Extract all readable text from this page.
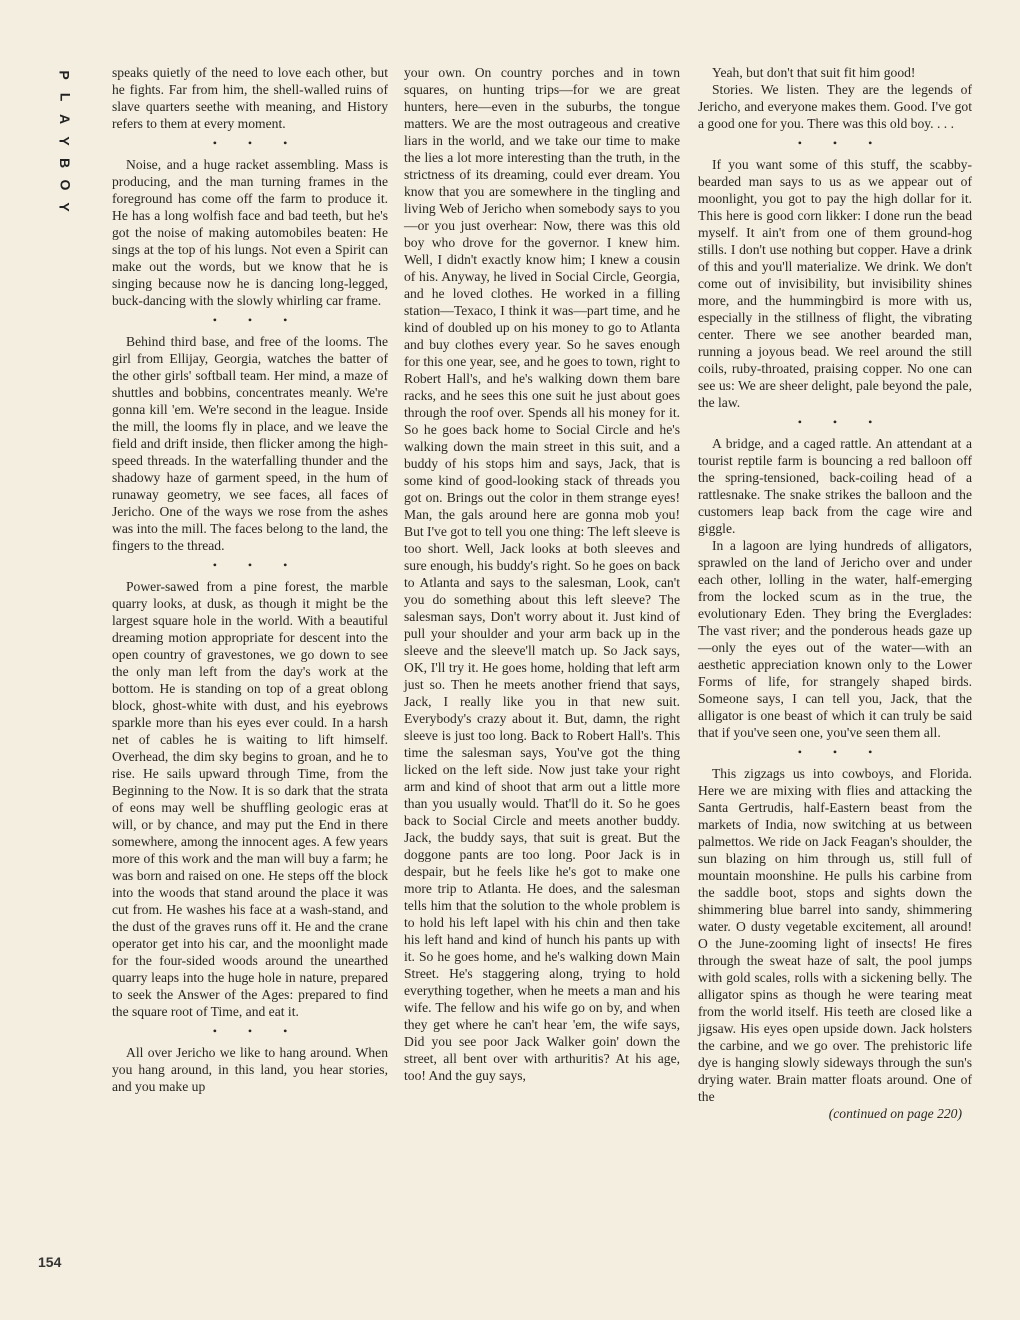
P
L
A
Y
B
O
Y
154

speaks quietly of the need to love each other, but he fights. Far from him, the shell-walled ruins of slave quarters seethe with meaning, and History refers to them at every moment.

• • •

Noise, and a huge racket assembling. Mass is producing, and the man turning frames in the foreground has come off the farm to produce it. He has a long wolfish face and bad teeth, but he's got the noise of making automobiles beaten: He sings at the top of his lungs. Not even a Spirit can make out the words, but we know that he is singing because now he is dancing long-legged, buck-dancing with the slowly whirling car frame.

• • •

Behind third base, and free of the looms. The girl from Ellijay, Georgia, watches the batter of the other girls' softball team. Her mind, a maze of shuttles and bobbins, concentrates meanly. We're gonna kill 'em. We're second in the league. Inside the mill, the looms fly in place, and we leave the field and drift inside, then flicker among the high-speed threads. In the waterfalling thunder and the shadowy haze of garment speed, in the hum of runaway geometry, we see faces, all faces of Jericho. One of the ways we rose from the ashes was into the mill. The faces belong to the land, the fingers to the thread.

• • •

Power-sawed from a pine forest, the marble quarry looks, at dusk, as though it might be the largest square hole in the world. With a beautiful dreaming motion appropriate for descent into the open country of gravestones, we go down to see the only man left from the day's work at the bottom. He is standing on top of a great oblong block, ghost-white with dust, and his eyebrows sparkle more than his eyes ever could. In a harsh net of cables he is waiting to lift himself. Overhead, the dim sky begins to groan, and he to rise. He sails upward through Time, from the Beginning to the Now. It is so dark that the strata of eons may well be shuffling geologic eras at will, or by chance, and may put the End in there somewhere, among the innocent ages. A few years more of this work and the man will buy a farm; he was born and raised on one. He steps off the block into the woods that stand around the place it was cut from. He washes his face at a wash-stand, and the dust of the graves runs off it. He and the crane operator get into his car, and the moonlight made for the four-sided woods around the unearthed quarry leaps into the huge hole in nature, prepared to seek the Answer of the Ages: prepared to find the square root of Time, and eat it.

• • •

All over Jericho we like to hang around. When you hang around, in this land, you hear stories, and you make up

your own. On country porches and in town squares, on hunting trips—for we are great hunters, here—even in the suburbs, the tongue matters. We are the most outrageous and creative liars in the world, and we take our time to make the lies a lot more interesting than the truth, in the strictness of its dreaming, could ever dream. You know that you are somewhere in the tingling and living Web of Jericho when somebody says to you—or you just overhear: Now, there was this old boy who drove for the governor. I knew him. Well, I didn't exactly know him; I knew a cousin of his. Anyway, he lived in Social Circle, Georgia, and he loved clothes. He worked in a filling station—Texaco, I think it was—part time, and he kind of doubled up on his money to go to Atlanta and buy clothes every year. So he saves enough for this one year, see, and he goes to town, right to Robert Hall's, and he's walking down them bare racks, and he sees this one suit he just about goes through the roof over. Spends all his money for it. So he goes back home to Social Circle and he's walking down the main street in this suit, and a buddy of his stops him and says, Jack, that is some kind of good-looking stack of threads you got on. Brings out the color in them strange eyes! Man, the gals around here are gonna mob you! But I've got to tell you one thing: The left sleeve is too short. Well, Jack looks at both sleeves and sure enough, his buddy's right. So he goes on back to Atlanta and says to the salesman, Look, can't you do something about this left sleeve? The salesman says, Don't worry about it. Just kind of pull your shoulder and your arm back up in the sleeve and the sleeve'll match up. So Jack says, OK, I'll try it. He goes home, holding that left arm just so. Then he meets another friend that says, Jack, I really like you in that new suit. Everybody's crazy about it. But, damn, the right sleeve is just too long. Back to Robert Hall's. This time the salesman says, You've got the thing licked on the left side. Now just take your right arm and kind of shoot that arm out a little more than you usually would. That'll do it. So he goes back to Social Circle and meets another buddy. Jack, the buddy says, that suit is great. But the doggone pants are too long. Poor Jack is in despair, but he feels like he's got to make one more trip to Atlanta. He does, and the salesman tells him that the solution to the whole problem is to hold his left lapel with his chin and then take his left hand and kind of hunch his pants up with it. So he goes home, and he's walking down Main Street. He's staggering along, trying to hold everything together, when he meets a man and his wife. The fellow and his wife go on by, and when they get where he can't hear 'em, the wife says, Did you see poor Jack Walker goin' down the street, all bent over with arthuritis? At his age, too! And the guy says,

Yeah, but don't that suit fit him good!

Stories. We listen. They are the legends of Jericho, and everyone makes them. Good. I've got a good one for you. There was this old boy. . . .

• • •

If you want some of this stuff, the scabby-bearded man says to us as we appear out of moonlight, you got to pay the high dollar for it. This here is good corn likker: I done run the bead myself. It ain't from one of them ground-hog stills. I don't use nothing but copper. Have a drink of this and you'll materialize. We drink. We don't come out of invisibility, but invisibility shines more, and the hummingbird is more with us, especially in the stillness of flight, the vibrating center. There we see another bearded man, running a joyous bead. We reel around the still coils, ruby-throated, praising copper. No one can see us: We are sheer delight, pale beyond the pale, the law.

• • •

A bridge, and a caged rattle. An attendant at a tourist reptile farm is bouncing a red balloon off the spring-tensioned, back-coiling head of a rattlesnake. The snake strikes the balloon and the customers leap back from the cage wire and giggle.

In a lagoon are lying hundreds of alligators, sprawled on the land of Jericho over and under each other, lolling in the water, half-emerging from the locked scum as in the true, the evolutionary Eden. They bring the Everglades: The vast river; and the ponderous heads gaze up—only the eyes out of the water—with an aesthetic appreciation known only to the Lower Forms of life, for strangely shaped birds. Someone says, I can tell you, Jack, that the alligator is one beast of which it can truly be said that if you've seen one, you've seen them all.

• • •

This zigzags us into cowboys, and Florida. Here we are mixing with flies and attacking the Santa Gertrudis, half-Eastern beast from the markets of India, now switching at us between palmettos. We ride on Jack Feagan's shoulder, the sun blazing on him through us, still full of mountain moonshine. He pulls his carbine from the saddle boot, stops and sights down the shimmering blue barrel into sandy, shimmering water. O dusty vegetable excitement, all around! O the June-zooming light of insects! He fires through the sweat haze of salt, the pool jumps with gold scales, rolls with a sickening belly. The alligator spins as though he were tearing meat from the world itself. His teeth are closed like a jigsaw. His eyes open upside down. Jack holsters the carbine, and we go over. The prehistoric life dye is hanging slowly sideways through the sun's drying water. Brain matter floats around. One of the

(continued on page 220)
